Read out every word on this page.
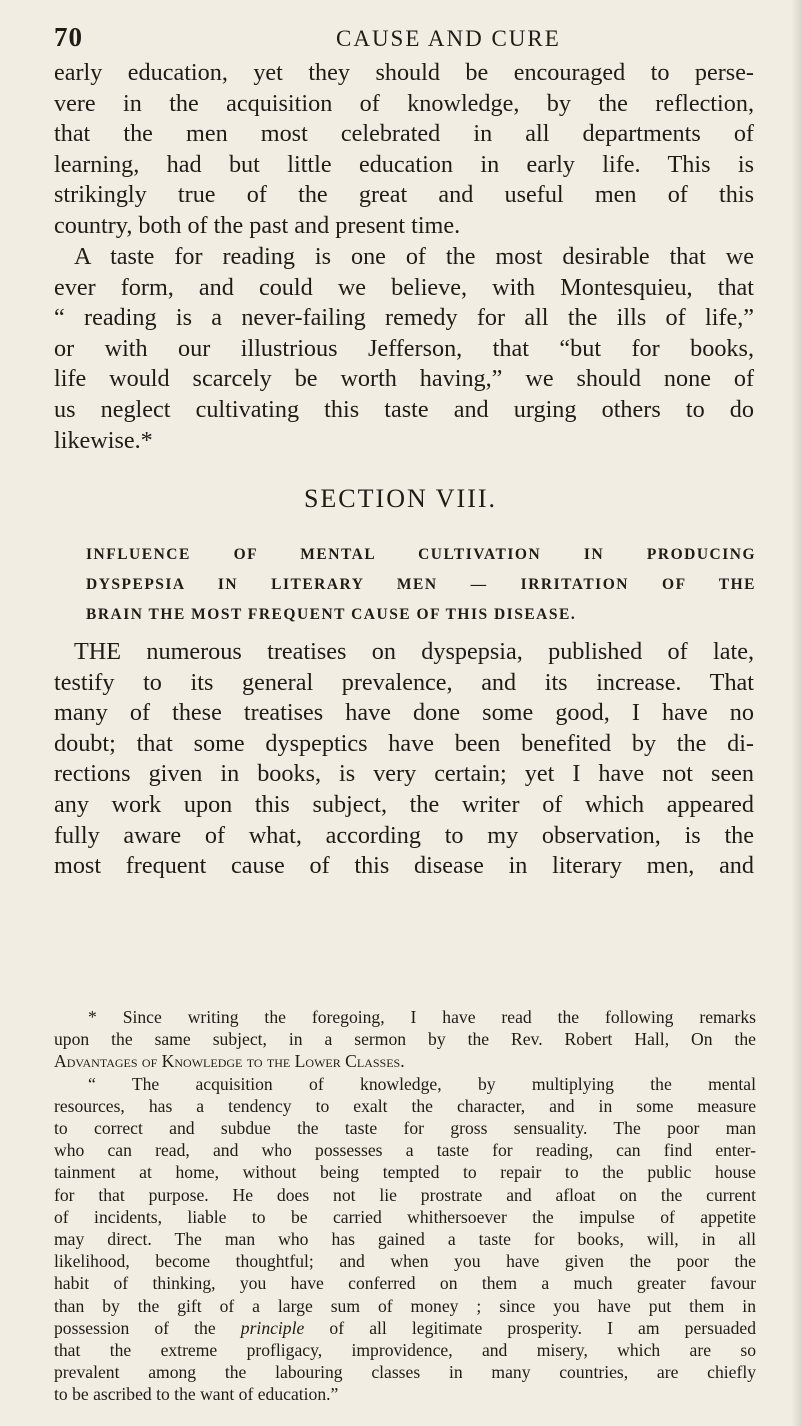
70	CAUSE AND CURE
early education, yet they should be encouraged to perse-
vere in the acquisition of knowledge, by the reflection,
that the men most celebrated in all departments of
learning, had but little education in early life. This is
strikingly true of the great and useful men of this
country, both of the past and present time.
A taste for reading is one of the most desirable that we
ever form, and could we believe, with Montesquieu, that
“ reading is a never-failing remedy for all the ills of life,”
or with our illustrious Jefferson, that “but for books,
life would scarcely be worth having,” we should none of
us neglect cultivating this taste and urging others to do
likewise.*
SECTION VIII.
INFLUENCE OF MENTAL CULTIVATION IN PRODUCING
DYSPEPSIA IN LITERARY MEN — IRRITATION OF THE
BRAIN THE MOST FREQUENT CAUSE OF THIS DISEASE.
THE numerous treatises on dyspepsia, published of late,
testify to its general prevalence, and its increase. That
many of these treatises have done some good, I have no
doubt; that some dyspeptics have been benefited by the di-
rections given in books, is very certain; yet I have not seen
any work upon this subject, the writer of which appeared
fully aware of what, according to my observation, is the
most frequent cause of this disease in literary men, and
* Since writing the foregoing, I have read the following remarks
upon the same subject, in a sermon by the Rev. Robert Hall, On the
Advantages of Knowledge to the Lower Classes.
“ The acquisition of knowledge, by multiplying the mental
resources, has a tendency to exalt the character, and in some measure
to correct and subdue the taste for gross sensuality. The poor man
who can read, and who possesses a taste for reading, can find enter-
tainment at home, without being tempted to repair to the public house
for that purpose. He does not lie prostrate and afloat on the current
of incidents, liable to be carried whithersoever the impulse of appetite
may direct. The man who has gained a taste for books, will, in all
likelihood, become thoughtful; and when you have given the poor the
habit of thinking, you have conferred on them a much greater favour
than by the gift of a large sum of money ; since you have put them in
possession of the principle of all legitimate prosperity. I am persuaded
that the extreme profligacy, improvidence, and misery, which are so
prevalent among the labouring classes in many countries, are chiefly
to be ascribed to the want of education.”
